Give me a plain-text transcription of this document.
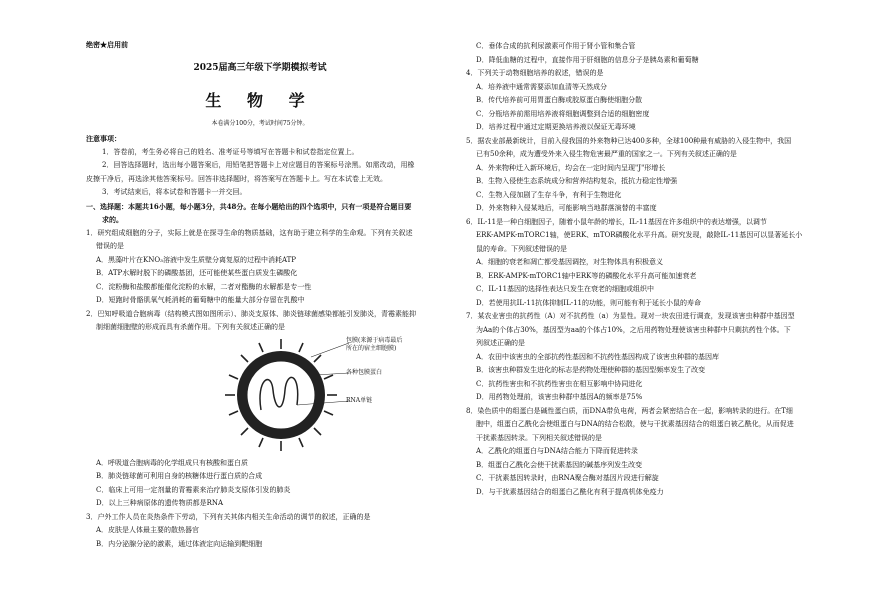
绝密★启用前
2025届高三年级下学期模拟考试
生 物 学
本卷满分100分，考试时间75分钟。
注意事项：
1．答卷前，考生务必将自己的姓名、准考证号等填写在答题卡和试卷指定位置上。
2．回答选择题时，选出每小题答案后，用铅笔把答题卡上对应题目的答案标号涂黑。如需改动，用橡
皮擦干净后，再选涂其他答案标号。回答非选择题时，将答案写在答题卡上。写在本试卷上无效。
3．考试结束后，将本试卷和答题卡一并交回。
一、选择题：本题共16小题，每小题3分，共48分。在每小题给出的四个选项中，只有一项是符合题目要
求的。
1．研究组成细胞的分子，实际上就是在探寻生命的物质基础，这有助于建立科学的生命观。下列有关叙述
错误的是
A．黑藻叶片在KNO₃溶液中发生质壁分离复原的过程中消耗ATP
B．ATP水解时脱下的磷酸基团，还可能使某些蛋白质发生磷酸化
C．淀粉酶和盐酸都能催化淀粉的水解，二者对酯酶的水解都是专一性
D．短跑时骨骼肌氧气耗消耗的葡萄糖中的能量大部分存留在乳酸中
2．巴知呼吸道合胞病毒（结构模式图如图所示）、肺炎支原体、肺炎链球菌感染都能引发肺炎，青霉素能抑
制细菌细胞壁的形成而具有杀菌作用。下列有关叙述正确的是
包膜(来源于病毒最后
所在的宿主细胞膜)
各种包膜蛋白
RNA单链
A．呼吸道合胞病毒的化学组成只有核酸和蛋白质
B．肺炎链球菌可利用自身的核糖体进行蛋白质的合成
C．临床上可用一定剂量的青霉素来治疗肺炎支原体引发的肺炎
D．以上三种病原体的遗传物质都是RNA
3．户外工作人员在炎热条件下劳动，下列有关其体内相关生命活动的调节的叙述，正确的是
A．皮肤是人体最主要的散热器官
B．内分泌腺分泌的激素，通过体液定向运输到靶细胞
C．垂体合成的抗利尿激素可作用于肾小管和集合管
D．降低血糖的过程中，直接作用于肝细胞的信息分子是胰岛素和葡萄糖
4．下列关于动物细胞培养的叙述，错误的是
A．培养液中通常需要添加血清等天然成分
B．传代培养前可用胃蛋白酶或胶原蛋白酶使细胞分散
C．分瓶培养前需用培养液将细胞调整到合适的细胞密度
D．培养过程中通过定期更换培养液以保证无毒环境
5．据农业部最新统计，目前入侵我国的外来物种已达400多种，全球100种最有威胁的入侵生物中，我国
已有50余种，成为遭受外来入侵生物危害最严重的国家之一。下列有关叙述正确的是
A．外来物种迁入新环境后，均会在一定时间内呈现"J"形增长
B．生物入侵使生态系统成分和营养结构复杂，抵抗力稳定性增强
C．生物入侵加剧了生存斗争，有利于生物进化
D．外来物种入侵某地后，可能影响当地群落演替的丰富度
6．IL-11是一种白细胞因子，随着小鼠年龄的增长，IL-11基因在许多组织中的表达增强，以调节
ERK-AMPK-mTORC1轴，使ERK、mTOR磷酸化水平升高。研究发现，敲除IL-11基因可以显著延长小
鼠的寿命。下列叙述错误的是
A．细胞的衰老和凋亡都受基因调控，对生物体具有积极意义
B．ERK-AMPK-mTORC1轴中ERK等的磷酸化水平升高可能加速衰老
C．IL-11基因的选择性表达只发生在衰老的细胞或组织中
D．若使用抗IL-11抗体抑制IL-11的功能，则可能有利于延长小鼠的寿命
7．某农业害虫的抗药性（A）对不抗药性（a）为显性。现对一块农田进行调查，发现该害虫种群中基因型
为Aa的个体占30%，基因型为aa的个体占10%，之后用药物处理使该害虫种群中只剩抗药性个体。下
列叙述正确的是
A．农田中该害虫的全部抗药性基因和不抗药性基因构成了该害虫种群的基因库
B．该害虫种群发生进化的标志是药物处理使种群的基因型频率发生了改变
C．抗药性害虫和不抗药性害虫在相互影响中协同进化
D．用药物处理前，该害虫种群中基因A的频率是75%
8．染色质中的组蛋白是碱性蛋白质，而DNA带负电荷，两者会紧密结合在一起，影响转录的进行。在T细
胞中，组蛋白乙酰化会使组蛋白与DNA的结合松散，使与干扰素基因结合的组蛋白被乙酰化，从而促进
干扰素基因转录。下列相关叙述错误的是
A．乙酰化的组蛋白与DNA结合能力下降而促进转录
B．组蛋白乙酰化会使干扰素基因的碱基序列发生改变
C．干扰素基因转录时，由RNA聚合酶对基因片段进行解旋
D．与干扰素基因结合的组蛋白乙酰化有利于提高机体免疫力
